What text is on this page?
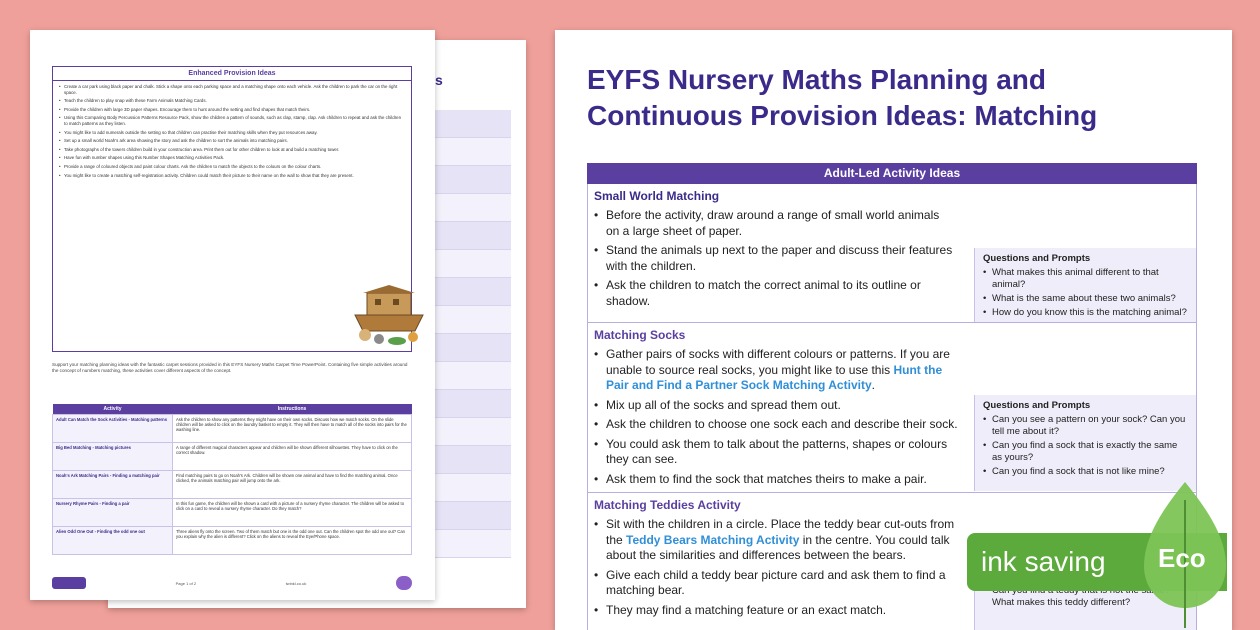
s
Enhanced Provision Ideas
• Create a car park using black paper and chalk. Stick a shape onto each parking space and a matching shape onto each vehicle. Ask the children to park the car on the right space.
• Teach the children to play snap with these Farm Animals Matching Cards.
• Provide the children with large 3D paper shapes. Encourage them to hunt around the setting and find shapes that match theirs.
• Using this Comparing Body Percussion Patterns Resource Pack, show the children a pattern of sounds, such as clap, stamp, clap. Ask children to repeat and ask the children to match patterns as they listen.
• You might like to add numerals outside the setting so that children can practise their matching skills when they put resources away.
• Set up a small world Noah's ark area showing the story and ask the children to sort the animals into matching pairs.
• Take photographs of the towers children build in your construction area. Print them out for other children to look at and build a matching tower.
• Have fun with number shapes using this Number Shapes Matching Activities Pack.
• Provide a range of coloured objects and paint colour charts. Ask the children to match the objects to the colours on the colour charts.
• You might like to create a matching self-registration activity. Children could match their picture to their name on the wall to show that they are present.
Support your matching planning ideas with the fantastic carpet sessions provided in this EYFS Nursery Maths Carpet Time PowerPoint. Containing five simple activities around the concept of numbers matching, these activities cover different aspects of the concept.
Activity	Instructions
Adult Can Match the Sock Activities - Matching patterns	Ask the children to show any patterns they might have on their own socks. Discuss how we match socks. On the slide children will be asked to click on the laundry basket to empty it. They will then have to match all of the socks into pairs for the washing line.
Big Bed Matching - Matching pictures	A range of different magical characters appear and children will be shown different silhouettes. They have to click on the correct shadow.
Noah's Ark Matching Pairs - Finding a matching pair	Find matching pairs to go on Noah's Ark. Children will be shown one animal and have to find the matching animal. Once clicked, the animals matching pair will jump onto the ark.
Nursery Rhyme Pairs - Finding a pair	In this fun game, the children will be shown a card with a picture of a nursery rhyme character. The children will be asked to click on a card to reveal a nursery rhyme character. Do they match?
Alien Odd One Out - Finding the odd one out	Three aliens fly onto the screen. Two of them match but one is the odd one out. Can the children spot the odd one out? Can you explain why the alien is different? Click on the aliens to reveal the Eye/Phone space.
Page 1 of 2	twinkl.co.uk
EYFS Nursery Maths Planning and
Continuous Provision Ideas: Matching
Adult-Led Activity Ideas
Small World Matching
• Before the activity, draw around a range of small world animals on a large sheet of paper.
• Stand the animals up next to the paper and discuss their features with the children.
• Ask the children to match the correct animal to its outline or shadow.
Questions and Prompts
• What makes this animal different to that animal?
• What is the same about these two animals?
• How do you know this is the matching animal?
Matching Socks
• Gather pairs of socks with different colours or patterns. If you are unable to source real socks, you might like to use this Hunt the Pair and Find a Partner Sock Matching Activity.
• Mix up all of the socks and spread them out.
• Ask the children to choose one sock each and describe their sock.
• You could ask them to talk about the patterns, shapes or colours they can see.
• Ask them to find the sock that matches theirs to make a pair.
Questions and Prompts
• Can you see a pattern on your sock? Can you tell me about it?
• Can you find a sock that is exactly the same as yours?
• Can you find a sock that is not like mine?
Matching Teddies Activity
• Sit with the children in a circle. Place the teddy bear cut-outs from the Teddy Bears Matching Activity in the centre. You could talk about the similarities and differences between the bears.
• Give each child a teddy bear picture card and ask them to find a matching bear.
• They may find a matching feature or an exact match.	• What makes this teddy different?
ink saving Eco
